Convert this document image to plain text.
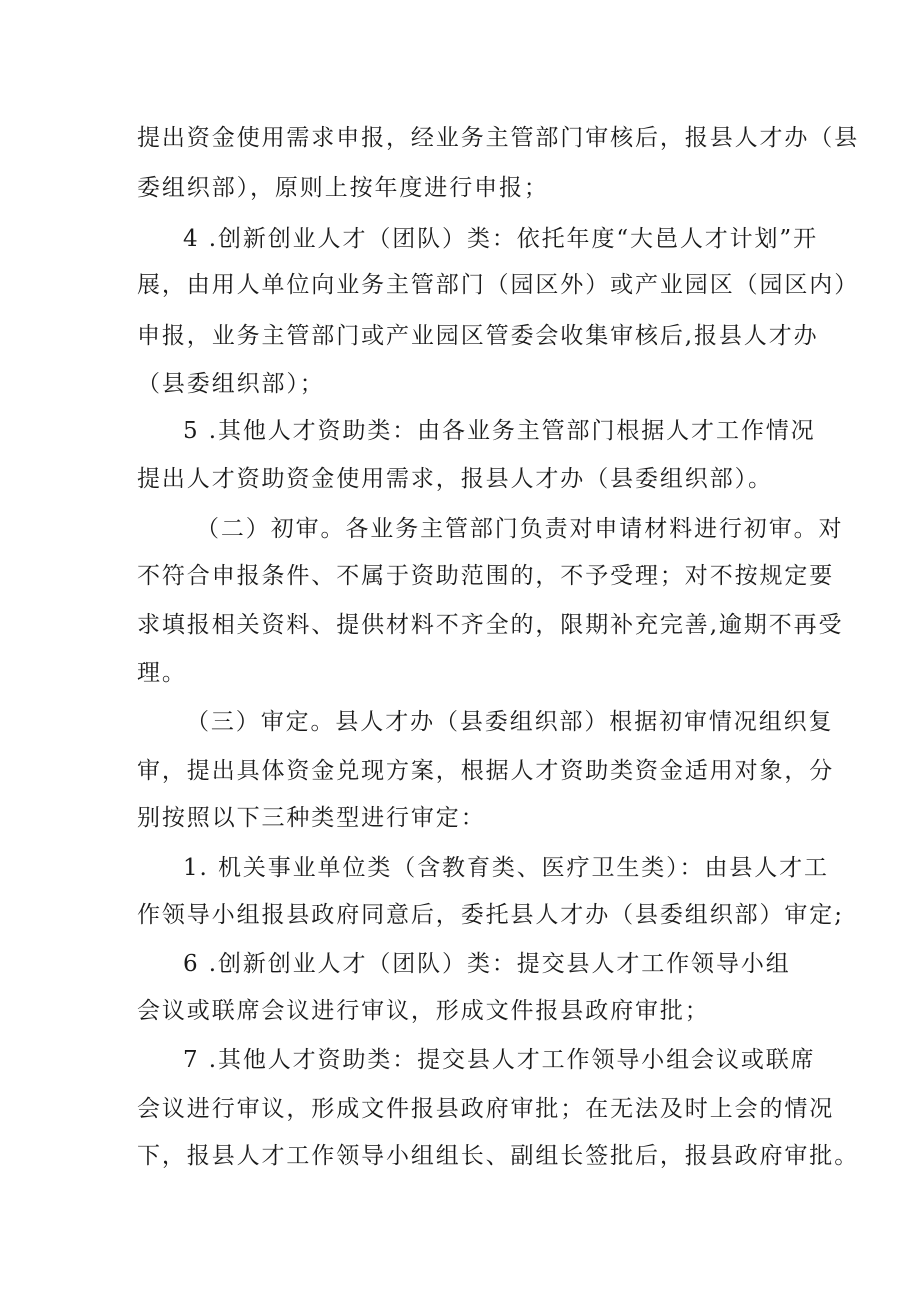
提出资金使用需求申报，经业务主管部门审核后，报县人才办（县
委组织部），原则上按年度进行申报；
4 .创新创业人才（团队）类：依托年度“大邑人才计划”开
展，由用人单位向业务主管部门（园区外）或产业园区（园区内）
申报，业务主管部门或产业园区管委会收集审核后,报县人才办
（县委组织部）；
5 .其他人才资助类：由各业务主管部门根据人才工作情况
提出人才资助资金使用需求，报县人才办（县委组织部）。
（二）初审。各业务主管部门负责对申请材料进行初审。对
不符合申报条件、不属于资助范围的，不予受理；对不按规定要
求填报相关资料、提供材料不齐全的，限期补充完善,逾期不再受
理。
（三）审定。县人才办（县委组织部）根据初审情况组织复
审，提出具体资金兑现方案，根据人才资助类资金适用对象，分
别按照以下三种类型进行审定：
1. 机关事业单位类（含教育类、医疗卫生类）：由县人才工
作领导小组报县政府同意后，委托县人才办（县委组织部）审定;
6 .创新创业人才（团队）类：提交县人才工作领导小组
会议或联席会议进行审议，形成文件报县政府审批；
7 .其他人才资助类：提交县人才工作领导小组会议或联席
会议进行审议，形成文件报县政府审批；在无法及时上会的情况
下，报县人才工作领导小组组长、副组长签批后，报县政府审批。
